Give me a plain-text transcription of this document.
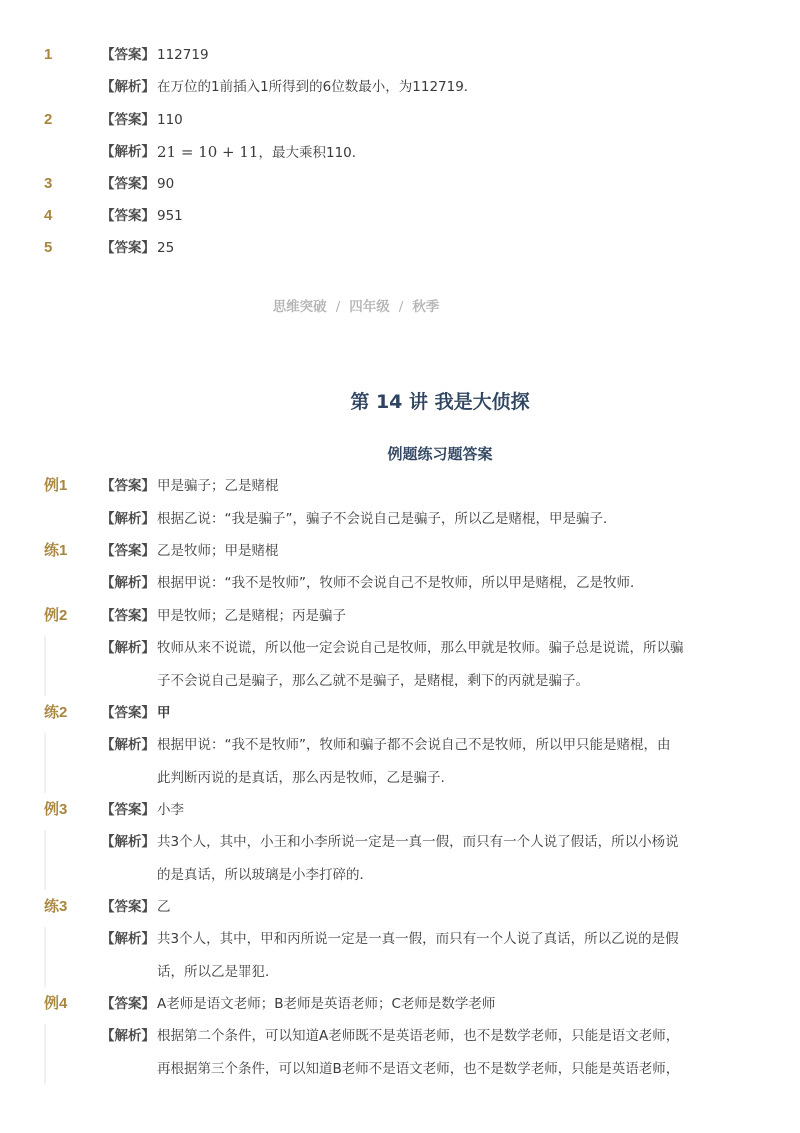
1	【答案】 112719
【解析】 在万位的1前插入1所得到的6位数最小，为112719．
2	【答案】 110
【解析】 21 = 10 + 11，最大乘积110．
3	【答案】 90
4	【答案】 951
5	【答案】 25
思维突破 / 四年级 / 秋季
第 14 讲 我是大侦探
例题练习题答案
例1 【答案】 甲是骗子；乙是赌棍
【解析】 根据乙说：“我是骗子”，骗子不会说自己是骗子，所以乙是赌棍，甲是骗子．
练1 【答案】 乙是牧师；甲是赌棍
【解析】 根据甲说：“我不是牧师”，牧师不会说自己不是牧师，所以甲是赌棍，乙是牧师．
例2 【答案】 甲是牧师；乙是赌棍；丙是骗子
【解析】 牧师从来不说谎，所以他一定会说自己是牧师，那么甲就是牧师。骗子总是说谎，所以骗
子不会说自己是骗子，那么乙就不是骗子，是赌棍，剩下的丙就是骗子。
练2 【答案】 甲
【解析】 根据甲说：“我不是牧师”，牧师和骗子都不会说自己不是牧师，所以甲只能是赌棍，由
此判断丙说的是真话，那么丙是牧师，乙是骗子.
例3 【答案】 小李
【解析】 共3个人，其中，小王和小李所说一定是一真一假，而只有一个人说了假话，所以小杨说
的是真话，所以玻璃是小李打碎的．
练3 【答案】 乙
【解析】 共3个人，其中，甲和丙所说一定是一真一假，而只有一个人说了真话，所以乙说的是假
话，所以乙是罪犯．
例4 【答案】 A老师是语文老师；B老师是英语老师；C老师是数学老师
【解析】 根据第二个条件，可以知道A老师既不是英语老师，也不是数学老师，只能是语文老师，
再根据第三个条件，可以知道B老师不是语文老师，也不是数学老师，只能是英语老师，
